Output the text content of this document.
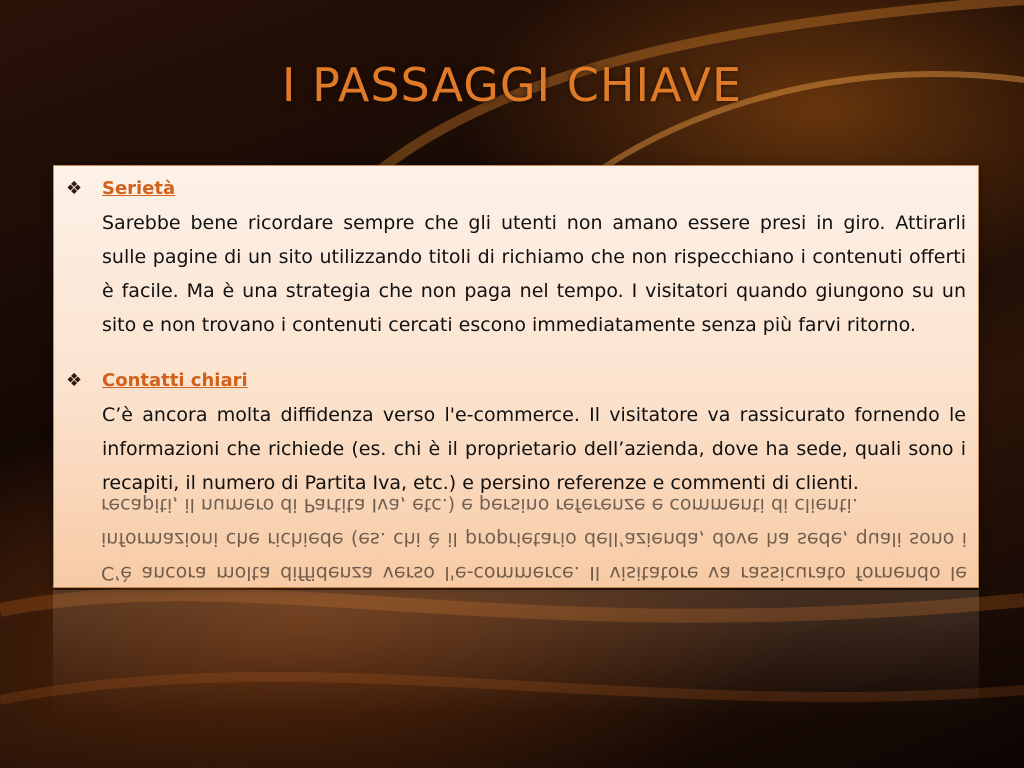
I PASSAGGI CHIAVE
❖	Serietà

Sarebbe bene ricordare sempre che gli utenti non amano essere presi in giro. Attirarli sulle pagine di un sito utilizzando titoli di richiamo che non rispecchiano i contenuti offerti è facile. Ma è una strategia che non paga nel tempo. I visitatori quando giungono su un sito e non trovano i contenuti cercati escono immediatamente senza più farvi ritorno.

❖	Contatti chiari

C’è ancora molta diffidenza verso l'e-commerce. Il visitatore va rassicurato fornendo le informazioni che richiede (es. chi è il proprietario dell’azienda, dove ha sede, quali sono i recapiti, il numero di Partita Iva, etc.) e persino referenze e commenti di clienti.

C’è ancora molta diffidenza verso l'e-commerce. Il visitatore va rassicurato fornendo le informazioni che richiede (es. chi è il proprietario dell’azienda, dove ha sede, quali sono i recapiti, il numero di Partita Iva, etc.) e persino referenze e commenti di clienti.
